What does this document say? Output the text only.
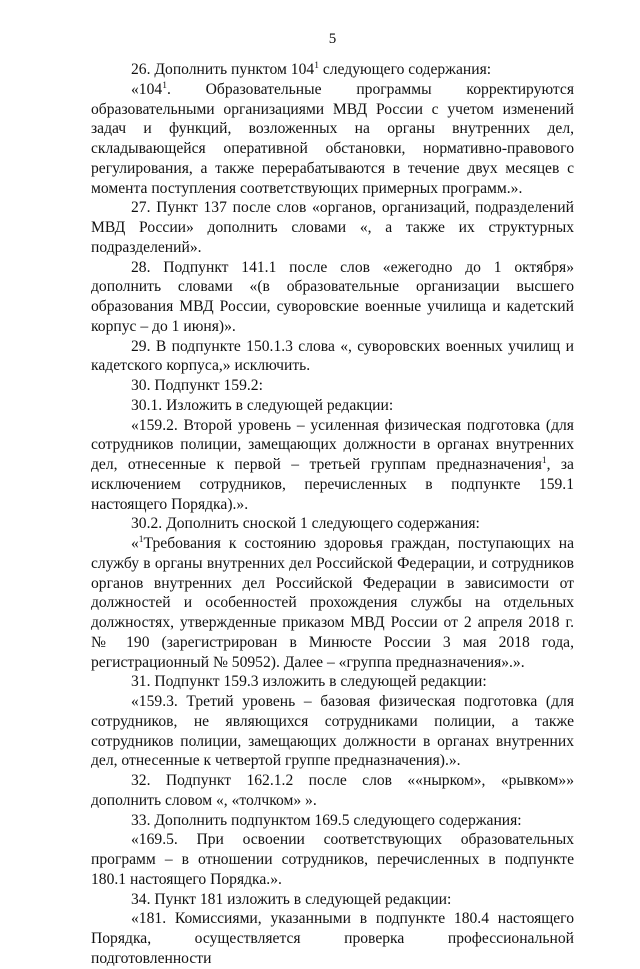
5

26. Дополнить пунктом 104$^1$ следующего содержания:

«104$^1$. Образовательные программы корректируются образовательными организациями МВД России с учетом изменений задач и функций, возложенных на органы внутренних дел, складывающейся оперативной обстановки, нормативно-правового регулирования, а также перерабатываются в течение двух месяцев с момента поступления соответствующих примерных программ.».

27. Пункт 137 после слов «органов, организаций, подразделений МВД России» дополнить словами «, а также их структурных подразделений».

28. Подпункт 141.1 после слов «ежегодно до 1 октября» дополнить словами «(в образовательные организации высшего образования МВД России, суворовские военные училища и кадетский корпус – до 1 июня)».

29. В подпункте 150.1.3 слова «, суворовских военных училищ и кадетского корпуса,» исключить.

30. Подпункт 159.2:

30.1. Изложить в следующей редакции:

«159.2. Второй уровень – усиленная физическая подготовка (для сотрудников полиции, замещающих должности в органах внутренних дел, отнесенные к первой – третьей группам предназначения$^1$, за исключением сотрудников, перечисленных в подпункте 159.1 настоящего Порядка).».

30.2. Дополнить сноской 1 следующего содержания:

«$^1$Требования к состоянию здоровья граждан, поступающих на службу в органы внутренних дел Российской Федерации, и сотрудников органов внутренних дел Российской Федерации в зависимости от должностей и особенностей прохождения службы на отдельных должностях, утвержденные приказом МВД России от 2 апреля 2018 г. № 190 (зарегистрирован в Минюсте России 3 мая 2018 года, регистрационный № 50952). Далее – «группа предназначения».».

31. Подпункт 159.3 изложить в следующей редакции:

«159.3. Третий уровень – базовая физическая подготовка (для сотрудников, не являющихся сотрудниками полиции, а также сотрудников полиции, замещающих должности в органах внутренних дел, отнесенные к четвертой группе предназначения).».

32. Подпункт 162.1.2 после слов ««нырком», «рывком»» дополнить словом «, «толчком» ».

33. Дополнить подпунктом 169.5 следующего содержания:

«169.5. При освоении соответствующих образовательных программ – в отношении сотрудников, перечисленных в подпункте 180.1 настоящего Порядка.».

34. Пункт 181 изложить в следующей редакции:

«181. Комиссиями, указанными в подпункте 180.4 настоящего Порядка, осуществляется проверка профессиональной подготовленности
